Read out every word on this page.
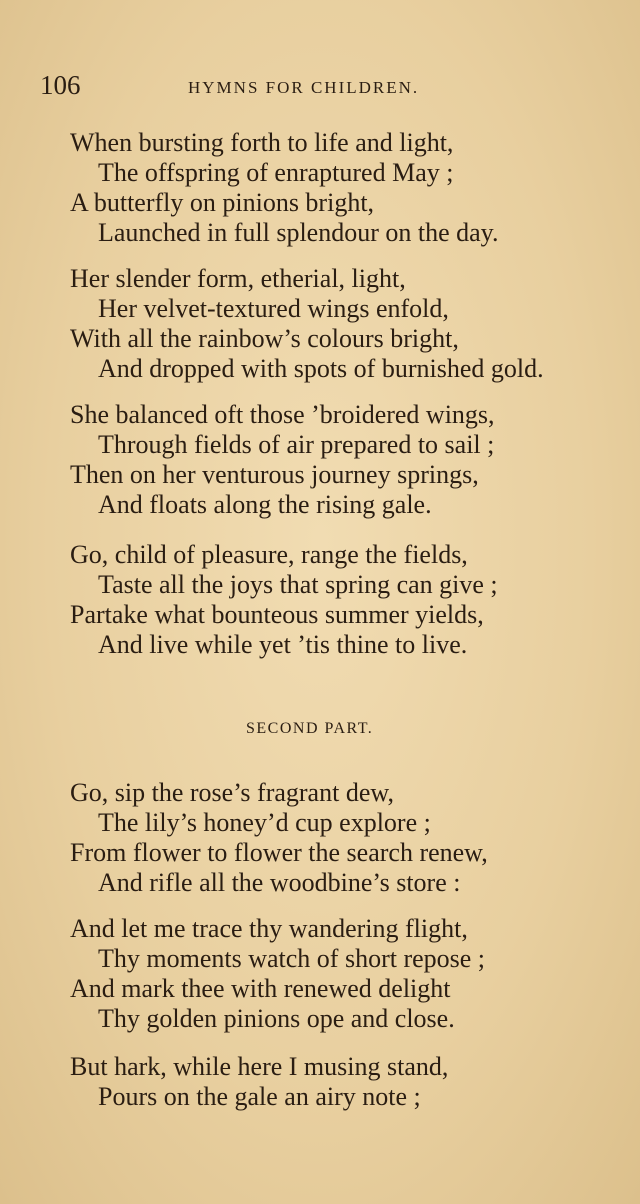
106	HYMNS FOR CHILDREN.
When bursting forth to life and light,
The offspring of enraptured May ;
A butterfly on pinions bright,
Launched in full splendour on the day.
Her slender form, etherial, light,
Her velvet-textured wings enfold,
With all the rainbow’s colours bright,
And dropped with spots of burnished gold.
She balanced oft those ’broidered wings,
Through fields of air prepared to sail ;
Then on her venturous journey springs,
And floats along the rising gale.
Go, child of pleasure, range the fields,
Taste all the joys that spring can give ;
Partake what bounteous summer yields,
And live while yet ’tis thine to live.
SECOND PART.
Go, sip the rose’s fragrant dew,
The lily’s honey’d cup explore ;
From flower to flower the search renew,
And rifle all the woodbine’s store :
And let me trace thy wandering flight,
Thy moments watch of short repose ;
And mark thee with renewed delight
Thy golden pinions ope and close.
But hark, while here I musing stand,
Pours on the gale an airy note ;
